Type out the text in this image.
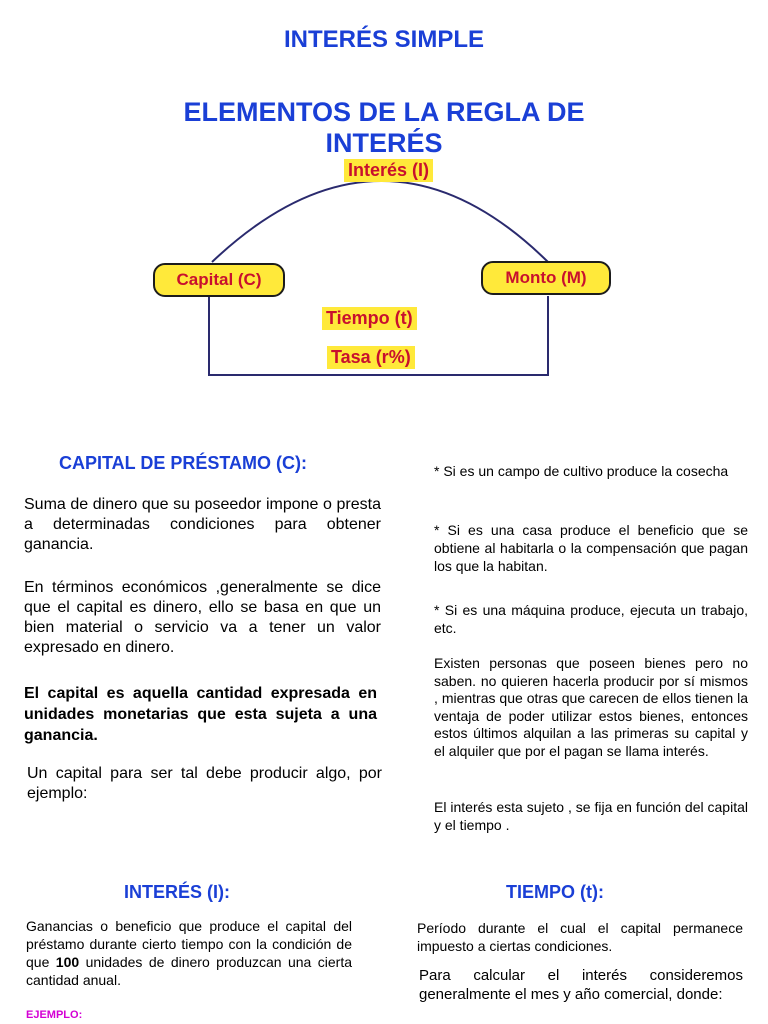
INTERÉS SIMPLE
ELEMENTOS DE LA REGLA DE
INTERÉS
Interés (I)
Capital (C)	Monto (M)
Tiempo (t)
Tasa (r%)
CAPITAL DE PRÉSTAMO (C):
Suma de dinero que su poseedor impone o presta a determinadas condiciones para obtener ganancia.
En términos económicos ,generalmente se dice que el capital es dinero, ello se basa en que un bien material o servicio va a tener un valor expresado en dinero.
El capital es aquella cantidad expresada en unidades monetarias que esta sujeta a una ganancia.
Un capital para ser tal debe producir algo, por ejemplo:
* Si es un campo de cultivo produce la cosecha
* Si es una casa produce el beneficio que se obtiene al habitarla o la compensación que pagan los que la habitan.
* Si es una máquina produce, ejecuta un trabajo, etc.
Existen personas que poseen bienes pero no saben. no quieren hacerla producir por sí mismos , mientras que otras que carecen de ellos tienen la ventaja de poder utilizar estos bienes, entonces estos últimos alquilan a las primeras su capital y el alquiler que por el pagan se llama interés.
El interés esta sujeto , se fija en función del capital y el tiempo .
INTERÉS (I):
Ganancias o beneficio que produce el capital del préstamo durante cierto tiempo con la condición de que 100 unidades de dinero produzcan una cierta cantidad anual.
EJEMPLO:
TIEMPO (t):
Período durante el cual el capital permanece impuesto a ciertas condiciones.
Para calcular el interés consideremos generalmente el mes y año comercial, donde:
